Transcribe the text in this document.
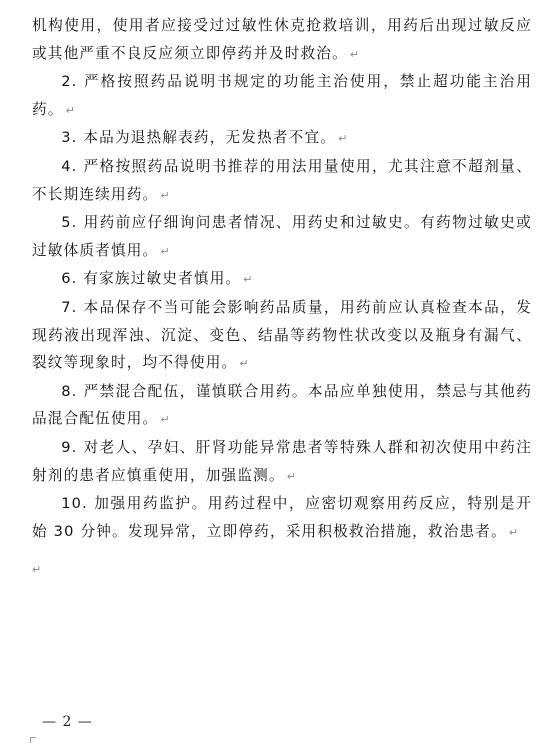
机构使用，使用者应接受过过敏性休克抢救培训，用药后出现过敏反应或其他严重不良反应须立即停药并及时救治。 ↵

2. 严格按照药品说明书规定的功能主治使用，禁止超功能主治用药。 ↵

3. 本品为退热解表药，无发热者不宜。 ↵

4. 严格按照药品说明书推荐的用法用量使用，尤其注意不超剂量、不长期连续用药。 ↵

5. 用药前应仔细询问患者情况、用药史和过敏史。有药物过敏史或过敏体质者慎用。 ↵

6. 有家族过敏史者慎用。 ↵

7. 本品保存不当可能会影响药品质量，用药前应认真检查本品，发现药液出现浑浊、沉淀、变色、结晶等药物性状改变以及瓶身有漏气、裂纹等现象时，均不得使用。 ↵

8. 严禁混合配伍，谨慎联合用药。本品应单独使用，禁忌与其他药品混合配伍使用。 ↵

9. 对老人、孕妇、肝肾功能异常患者等特殊人群和初次使用中药注射剂的患者应慎重使用，加强监测。 ↵

10. 加强用药监护。用药过程中，应密切观察用药反应，特别是开始 30 分钟。发现异常，立即停药，采用积极救治措施，救治患者。 ↵

↵
— 2 —
